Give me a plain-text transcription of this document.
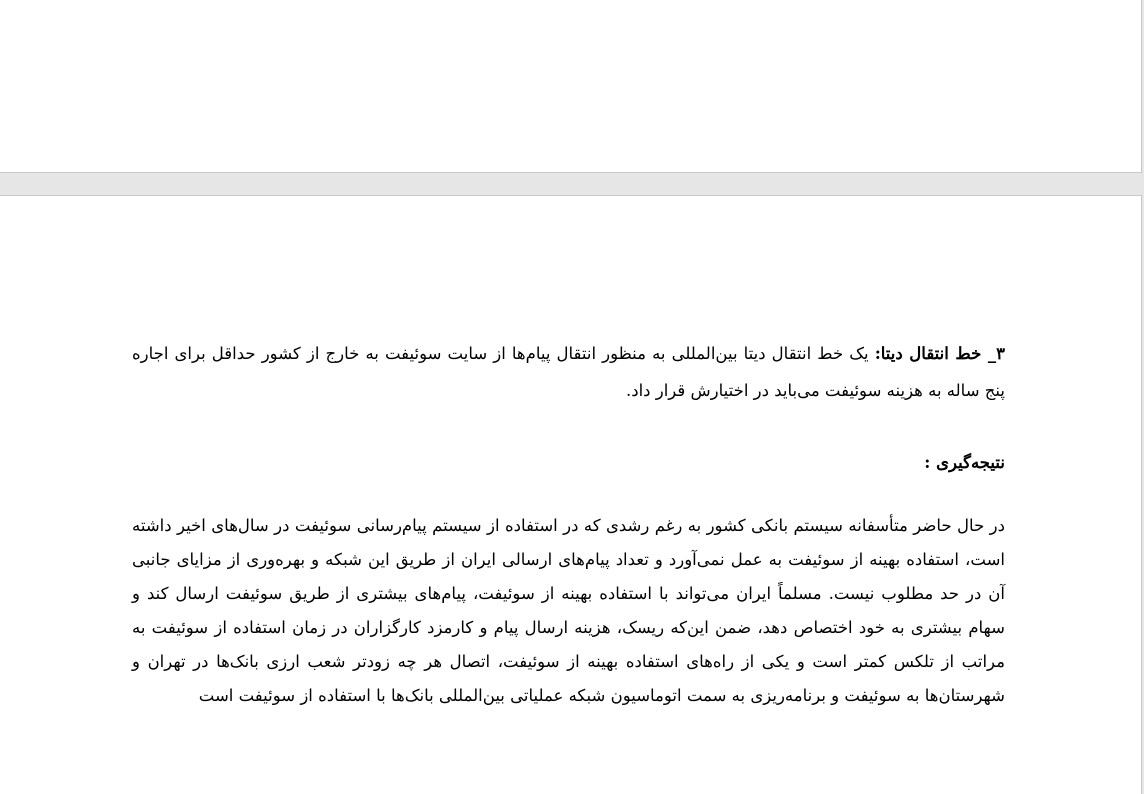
۳_ خط انتقال دیتا: یک خط انتقال دیتا بین‌المللی به منظور انتقال پیام‌ها از سایت سوئیفت به خارج از کشور حداقل برای اجاره پنج ساله به هزینه سوئیفت می‌باید در اختیارش قرار داد.

نتیجه‌گیری :

در حال حاضر متأسفانه سیستم بانکی کشور به رغم رشدی که در استفاده از سیستم پیام‌رسانی سوئیفت در سال‌های اخیر داشته است، استفاده بهینه از سوئیفت به عمل نمی‌آورد و تعداد پیام‌های ارسالی ایران از طریق این شبکه و بهره‌وری از مزایای جانبی آن در حد مطلوب نیست. مسلماً ایران می‌تواند با استفاده بهینه از سوئیفت، پیام‌های بیشتری از طریق سوئیفت ارسال کند و سهام بیشتری به خود اختصاص دهد، ضمن این‌که ریسک، هزینه ارسال پیام و کارمزد کارگزاران در زمان استفاده از سوئیفت به مراتب از تلکس کمتر است و یکی از راه‌های استفاده بهینه از سوئیفت، اتصال هر چه زودتر شعب ارزی بانک‌ها در تهران و شهرستان‌ها به سوئیفت و برنامه‌ریزی به سمت اتوماسیون شبکه عملیاتی بین‌المللی بانک‌ها با استفاده از سوئیفت است
